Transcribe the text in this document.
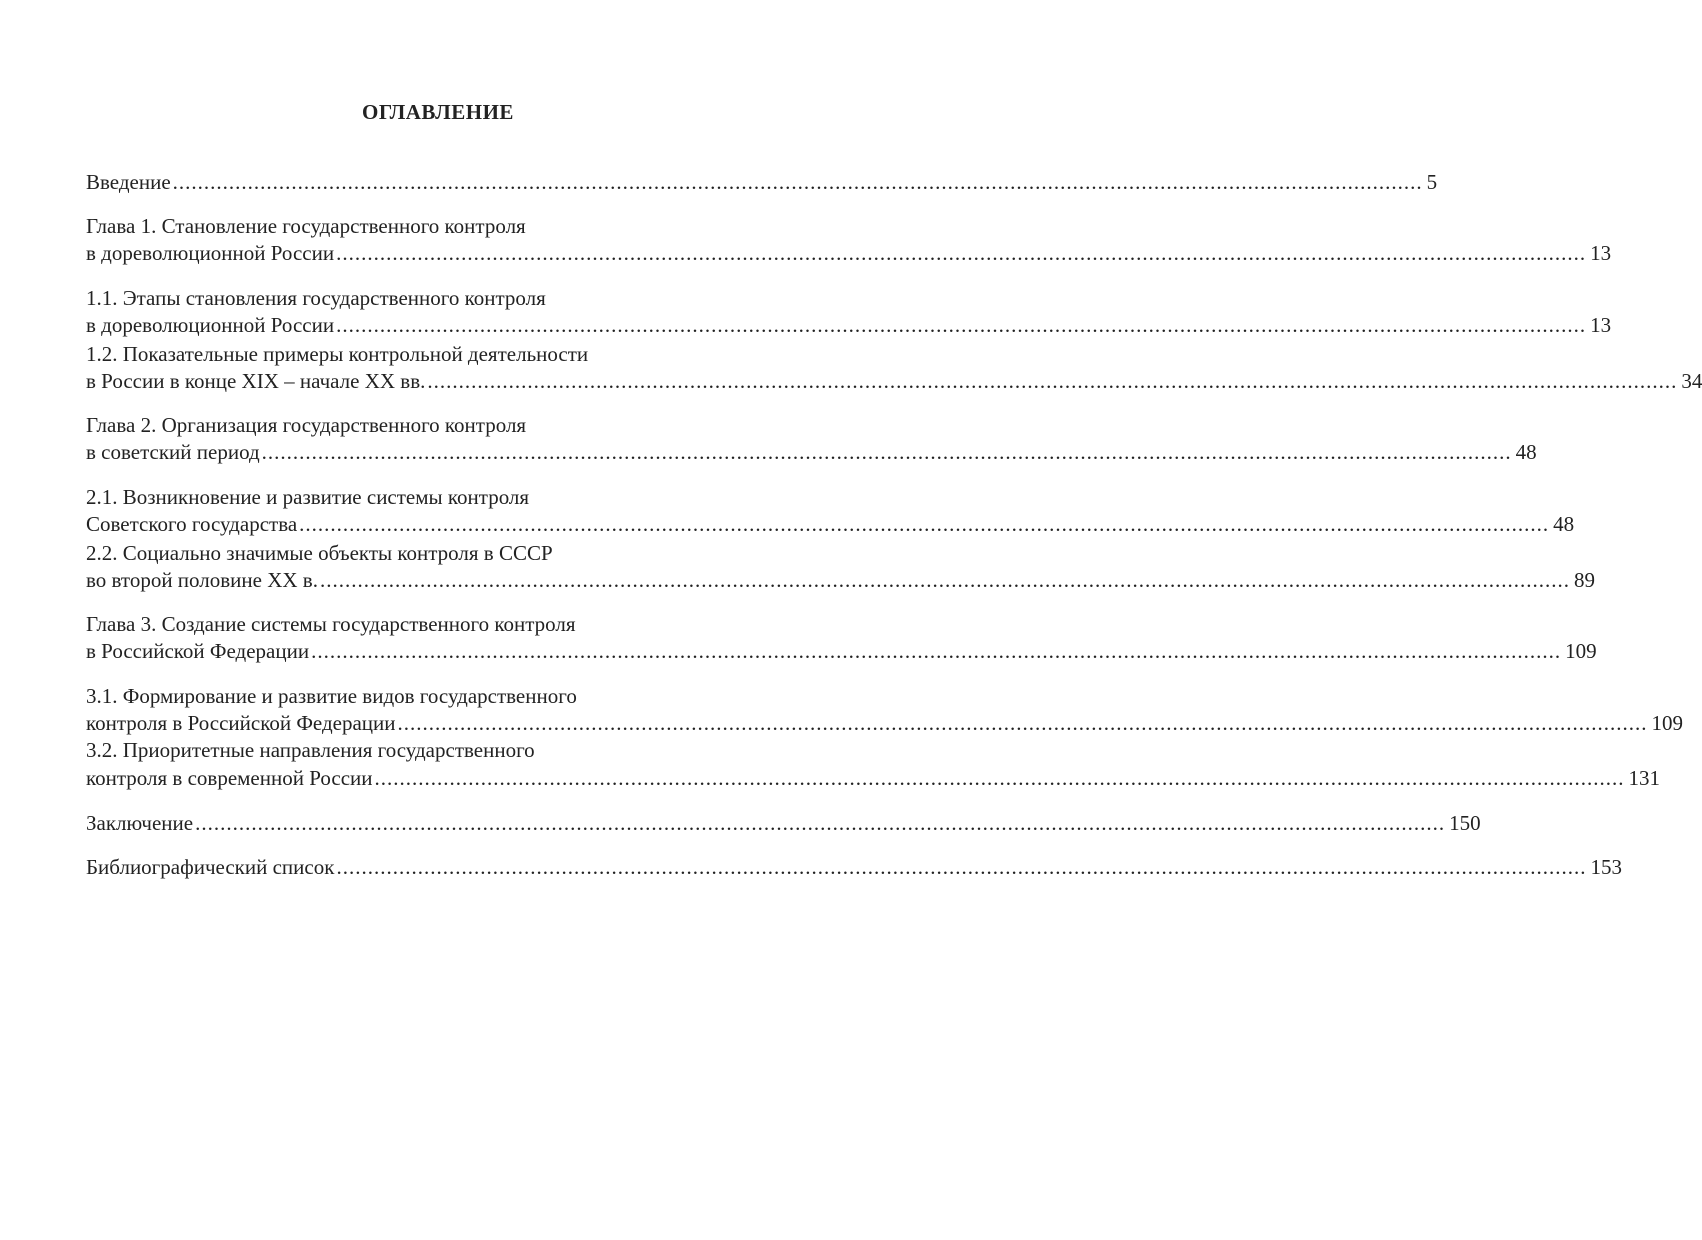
ОГЛАВЛЕНИЕ
Введение ........................................................................................................................................................................................................ 5
Глава 1. Становление государственного контроля
в дореволюционной России ........................................................................................................................................................................................................ 13
1.1. Этапы становления государственного контроля
в дореволюционной России ........................................................................................................................................................................................................ 13
1.2. Показательные примеры контрольной деятельности
в России в конце XIX – начале XX вв. ........................................................................................................................................................................................................ 34
Глава 2. Организация государственного контроля
в советский период ........................................................................................................................................................................................................ 48
2.1. Возникновение и развитие системы контроля
Советского государства ........................................................................................................................................................................................................ 48
2.2. Социально значимые объекты контроля в СССР
во второй половине XX в. ........................................................................................................................................................................................................ 89
Глава 3. Создание системы государственного контроля
в Российской Федерации ........................................................................................................................................................................................................ 109
3.1. Формирование и развитие видов государственного
контроля в Российской Федерации ........................................................................................................................................................................................................ 109
3.2. Приоритетные направления государственного
контроля в современной России ........................................................................................................................................................................................................ 131
Заключение ........................................................................................................................................................................................................ 150
Библиографический список ........................................................................................................................................................................................................ 153
